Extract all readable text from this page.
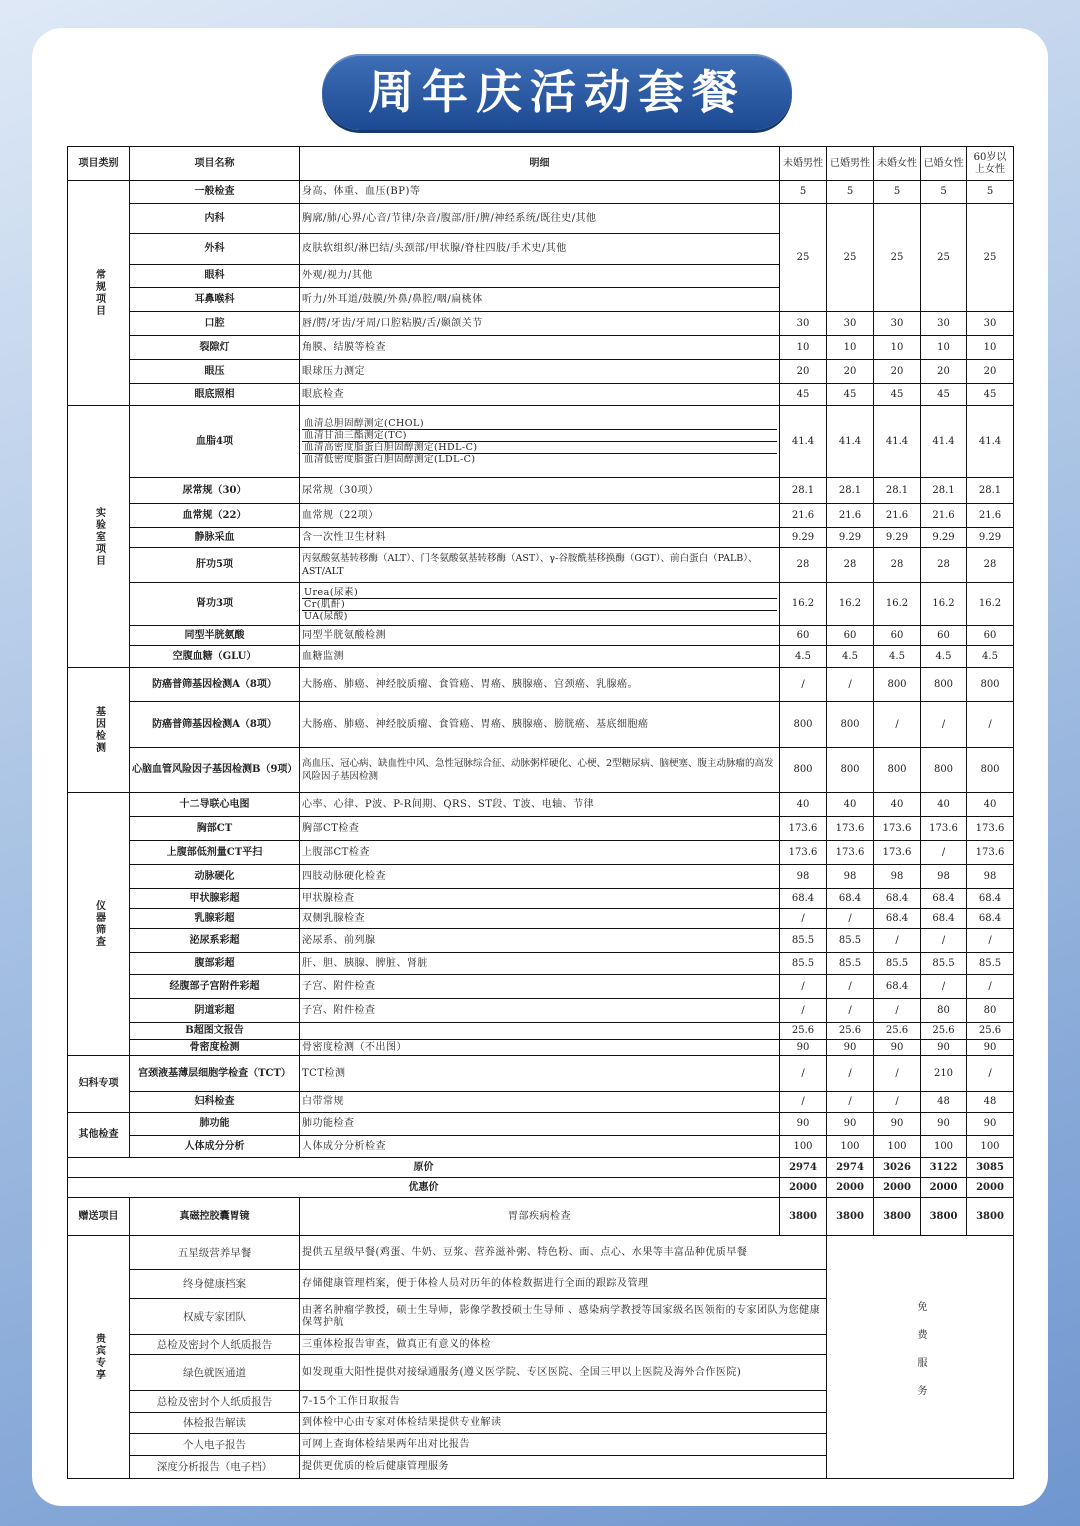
周年庆活动套餐
项目类别	项目名称	明细	未婚男性	已婚男性	未婚女性	已婚女性	60岁以上女性
常规项目	一般检查	身高、体重、血压(BP)等	5	5	5	5	5
	内科	胸廓/肺/心界/心音/节律/杂音/腹部/肝/脾/神经系统/既往史/其他	25	25	25	25	25
	外科	皮肤软组织/淋巴结/头颈部/甲状腺/脊柱四肢/手术史/其他					
	眼科	外观/视力/其他					
	耳鼻喉科	听力/外耳道/鼓膜/外鼻/鼻腔/咽/扁桃体					
	口腔	唇/腭/牙齿/牙周/口腔粘膜/舌/颞颌关节	30	30	30	30	30
	裂隙灯	角膜、结膜等检查	10	10	10	10	10
	眼压	眼球压力测定	20	20	20	20	20
	眼底照相	眼底检查	45	45	45	45	45
实验室项目	血脂4项	血清总胆固醇测定(CHOL)
血清甘油三酯测定(TC)
血清高密度脂蛋白胆固醇测定(HDL-C)
血清低密度脂蛋白胆固醇测定(LDL-C)	41.4	41.4	41.4	41.4	41.4
	尿常规（30）	尿常规（30项）	28.1	28.1	28.1	28.1	28.1
	血常规（22）	血常规（22项）	21.6	21.6	21.6	21.6	21.6
	静脉采血	含一次性卫生材料	9.29	9.29	9.29	9.29	9.29
	肝功5项	丙氨酸氨基转移酶（ALT）、门冬氨酸氨基转移酶（AST）、γ-谷胺酰基移换酶（GGT）、前白蛋白（PALB）、AST/ALT	28	28	28	28	28
	肾功3项	Urea(尿素)
Cr(肌酐)
UA(尿酸)	16.2	16.2	16.2	16.2	16.2
	同型半胱氨酸	同型半胱氨酸检测	60	60	60	60	60
	空腹血糖（GLU）	血糖监测	4.5	4.5	4.5	4.5	4.5
基因检测	防癌普筛基因检测A（8项）	大肠癌、肺癌、神经胶质瘤、食管癌、胃癌、胰腺癌、宫颈癌、乳腺癌。	/	/	800	800	800
	防癌普筛基因检测A（8项）	大肠癌、肺癌、神经胶质瘤、食管癌、胃癌、胰腺癌、膀胱癌、基底细胞癌	800	800	/	/	/
	心脑血管风险因子基因检测B（9项）	高血压、冠心病、缺血性中风、急性冠脉综合征、动脉粥样硬化、心梗、2型糖尿病、脑梗塞、腹主动脉瘤的高发风险因子基因检测	800	800	800	800	800
仪器筛查	十二导联心电图	心率、心律、P波、P-R间期、QRS、ST段、T波、电轴、节律	40	40	40	40	40
	胸部CT	胸部CT检查	173.6	173.6	173.6	173.6	173.6
	上腹部低剂量CT平扫	上腹部CT检查	173.6	173.6	173.6	/	173.6
	动脉硬化	四肢动脉硬化检查	98	98	98	98	98
	甲状腺彩超	甲状腺检查	68.4	68.4	68.4	68.4	68.4
	乳腺彩超	双侧乳腺检查	/	/	68.4	68.4	68.4
	泌尿系彩超	泌尿系、前列腺	85.5	85.5	/	/	/
	腹部彩超	肝、胆、胰腺、脾脏、肾脏	85.5	85.5	85.5	85.5	85.5
	经腹部子宫附件彩超	子宫、附件检查	/	/	68.4	/	/
	阴道彩超	子宫、附件检查	/	/	/	80	80
	B超图文报告		25.6	25.6	25.6	25.6	25.6
	骨密度检测	骨密度检测（不出图）	90	90	90	90	90
妇科专项	宫颈液基薄层细胞学检查（TCT）	TCT检测	/	/	/	210	/
	妇科检查	白带常规	/	/	/	48	48
其他检查	肺功能	肺功能检查	90	90	90	90	90
	人体成分分析	人体成分分析检查	100	100	100	100	100
原价			2974	2974	3026	3122	3085
优惠价			2000	2000	2000	2000	2000
赠送项目	真磁控胶囊胃镜	胃部疾病检查	3800	3800	3800	3800	3800
贵宾专享	五星级营养早餐	提供五星级早餐(鸡蛋、牛奶、豆浆、营养滋补粥、特色粉、面、点心、水果等丰富品种优质早餐		免费服务			
	终身健康档案	存储健康管理档案，便于体检人员对历年的体检数据进行全面的跟踪及管理					
	权威专家团队	由著名肿瘤学教授，硕士生导师，影像学教授硕士生导师 、感染病学教授等国家级名医领衔的专家团队为您健康保驾护航					
	总检及密封个人纸质报告	三重体检报告审查，做真正有意义的体检					
	绿色就医通道	如发现重大阳性提供对接绿通服务(遵义医学院、专区医院、全国三甲以上医院及海外合作医院)					
	总检及密封个人纸质报告	7-15个工作日取报告					
	体检报告解读	到体检中心由专家对体检结果提供专业解读					
	个人电子报告	可网上查询体检结果两年出对比报告					
	深度分析报告（电子档）	提供更优质的检后健康管理服务					
